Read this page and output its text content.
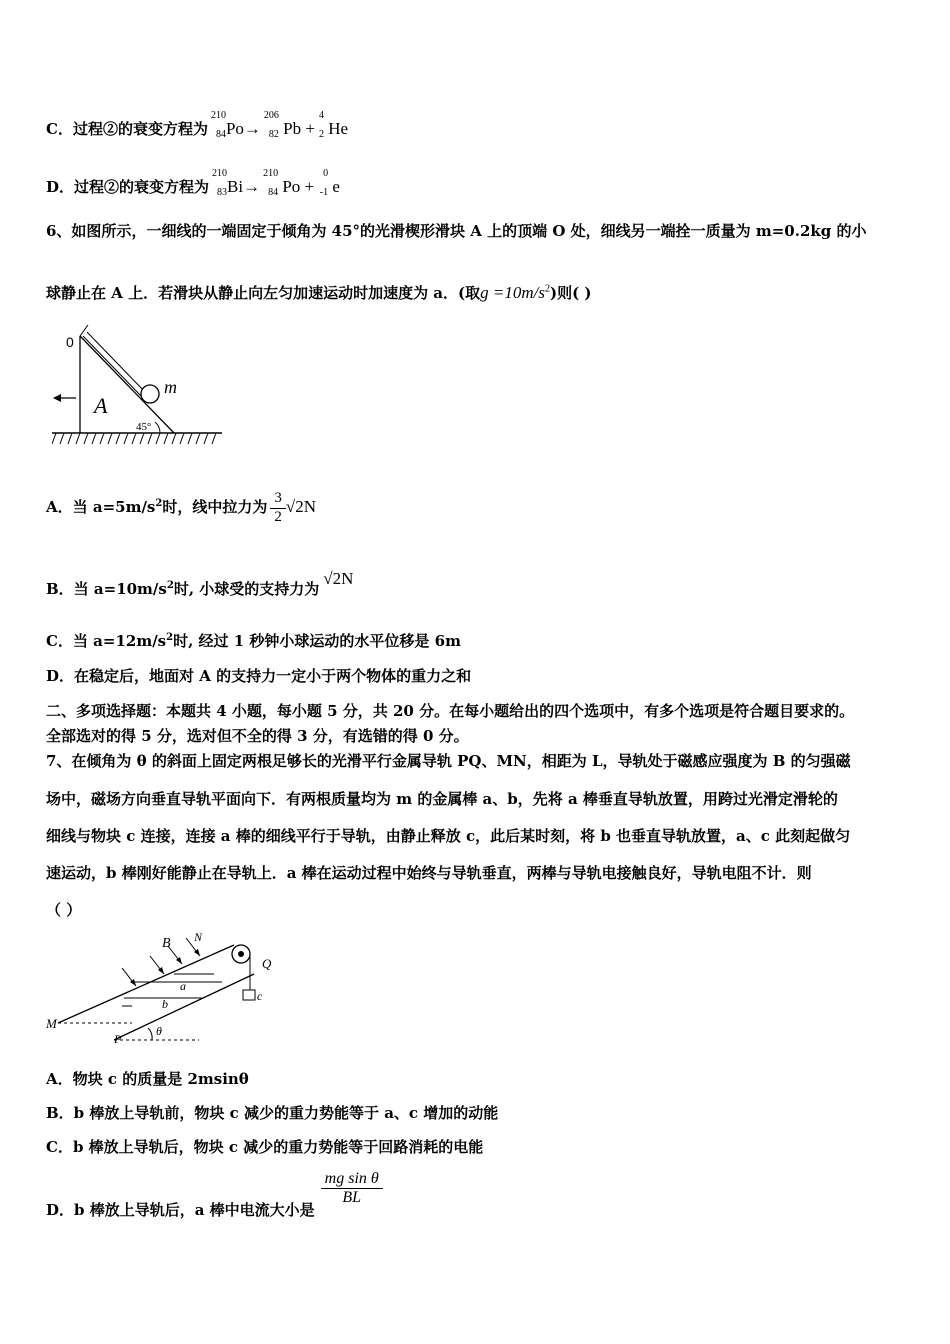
C．过程②的衰变方程为
210
84 Po→
206
82 Pb +
4
2 He
D．过程②的衰变方程为
210
83 Bi→
210
84 Po +
0
-1 e
6、如图所示，一细线的一端固定于倾角为 45°的光滑楔形滑块 A 上的顶端 O 处，细线另一端拴一质量为 m=0.2kg 的小
球静止在 A 上．若滑块从静止向左匀加速运动时加速度为 a．(取$g =10m/s^2$)则( )
0
m
A
45°
A．当 $a=5m/s^2$时，线中拉力为 $\frac{3}{2} √2N$
B．当 $a=10m/s^2$时, 小球受的支持力为√2N
C．当 $a=12m/s^2$时, 经过 1 秒钟小球运动的水平位移是 6m
D．在稳定后，地面对 A 的支持力一定小于两个物体的重力之和
二、多项选择题：本题共 4 小题，每小题 5 分，共 20 分。在每小题给出的四个选项中，有多个选项是符合题目要求的。
全部选对的得 5 分，选对但不全的得 3 分，有选错的得 0 分。
7、在倾角为 θ 的斜面上固定两根足够长的光滑平行金属导轨 PQ、MN，相距为 L，导轨处于磁感应强度为 B 的匀强磁
场中，磁场方向垂直导轨平面向下．有两根质量均为 m 的金属棒 a、b，先将 a 棒垂直导轨放置，用跨过光滑定滑轮的
细线与物块 c 连接，连接 a 棒的细线平行于导轨，由静止释放 c，此后某时刻，将 b 也垂直导轨放置，a、c 此刻起做匀
速运动，b 棒刚好能静止在导轨上．a 棒在运动过程中始终与导轨垂直，两棒与导轨电接触良好，导轨电阻不计．则
（ ）
B N
Q
a
b
c
M
P
θ
A．物块 c 的质量是 2msinθ
B．b 棒放上导轨前，物块 c 减少的重力势能等于 a、c 增加的动能
C．b 棒放上导轨后，物块 c 减少的重力势能等于回路消耗的电能
D．b 棒放上导轨后，a 棒中电流大小是
$\frac{\text{mg sin θ}}{BL}$
